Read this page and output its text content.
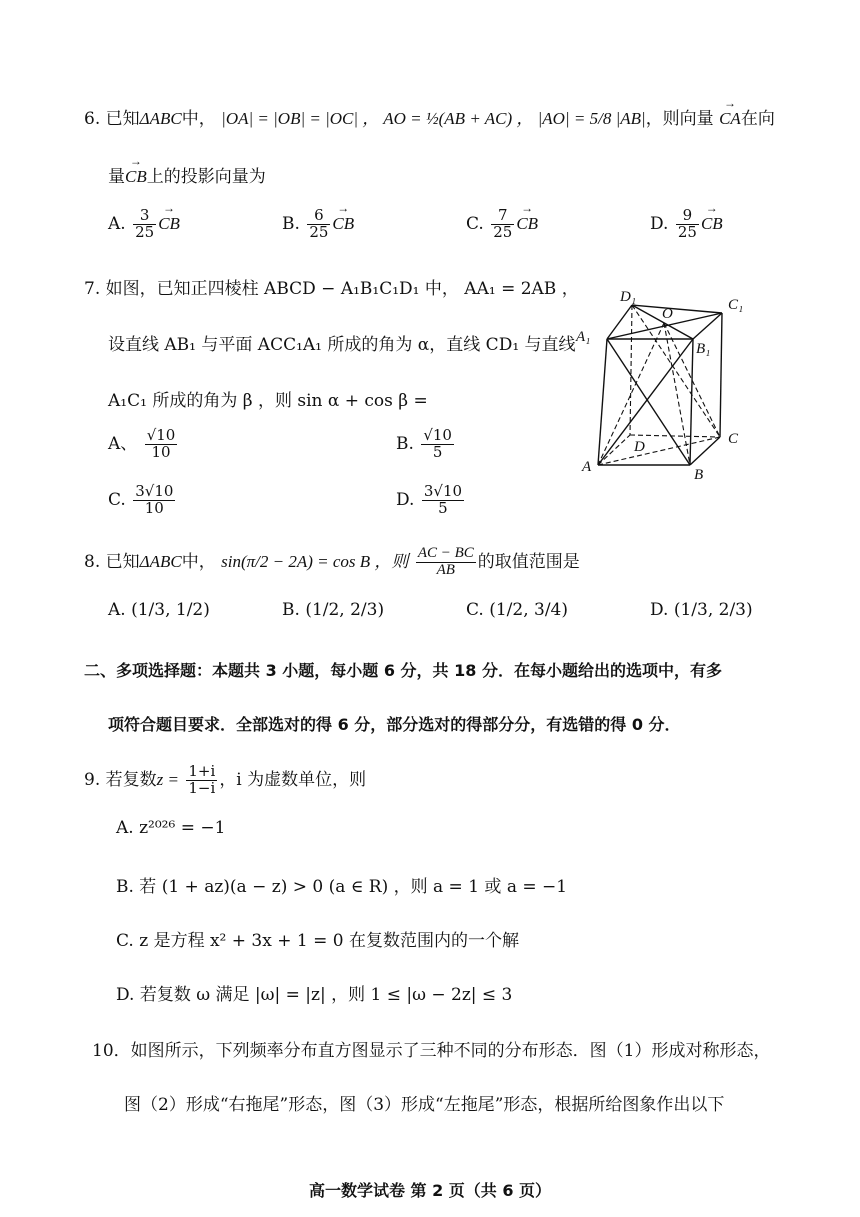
6. 已知ΔABC中， |OA| = |OB| = |OC| ， AO = ½(AB + AC) ， |AO| = 5/8 |AB|，则向量 → CA在向
量→ CB上的投影向量为
A. $\frac{3}{25}$ → CB	B. $\frac{6}{25}$ → CB	C. $\frac{7}{25}$ → CB	D. $\frac{9}{25}$ → CB
7. 如图，已知正四棱柱 ABCD − A₁B₁C₁D₁ 中， AA₁ = 2AB ，
设直线 AB₁ 与平面 ACC₁A₁ 所成的角为 α，直线 CD₁ 与直线
A₁C₁ 所成的角为 β ，则 sin α + cos β =
A、 $\frac{√10}{10}$	B. $\frac{√10}{5}$
C. $\frac{3√10}{10}$	D. $\frac{3√10}{5}$
D₁
O
C₁
A₁
B₁
C
D
A	B
8. 已知ΔABC中， sin(π/2 − 2A) = cos B ，则 $\frac{AC - BC}{AB}$ 的取值范围是
A. (1/3, 1/2)	B. (1/2, 2/3)	C. (1/2, 3/4)	D. (1/3, 2/3)
二、多项选择题：本题共 3 小题，每小题 6 分，共 18 分．在每小题给出的选项中，有多
项符合题目要求．全部选对的得 6 分，部分选对的得部分分，有选错的得 0 分．
9. 若复数$z = \frac{1+i}{1-i}$ ，i 为虚数单位，则
A. z²⁰²⁶ = −1
B. 若 (1 + az)(a − z) > 0 (a ∈ R) ，则 a = 1 或 a = −1
C. z 是方程 x² + 3x + 1 = 0 在复数范围内的一个解
D. 若复数 ω 满足 |ω| = |z| ，则 1 ≤ |ω − 2z| ≤ 3
10．如图所示，下列频率分布直方图显示了三种不同的分布形态．图（1）形成对称形态，
图（2）形成“右拖尾”形态，图（3）形成“左拖尾”形态，根据所给图象作出以下
高一数学试卷 第 2 页（共 6 页）
